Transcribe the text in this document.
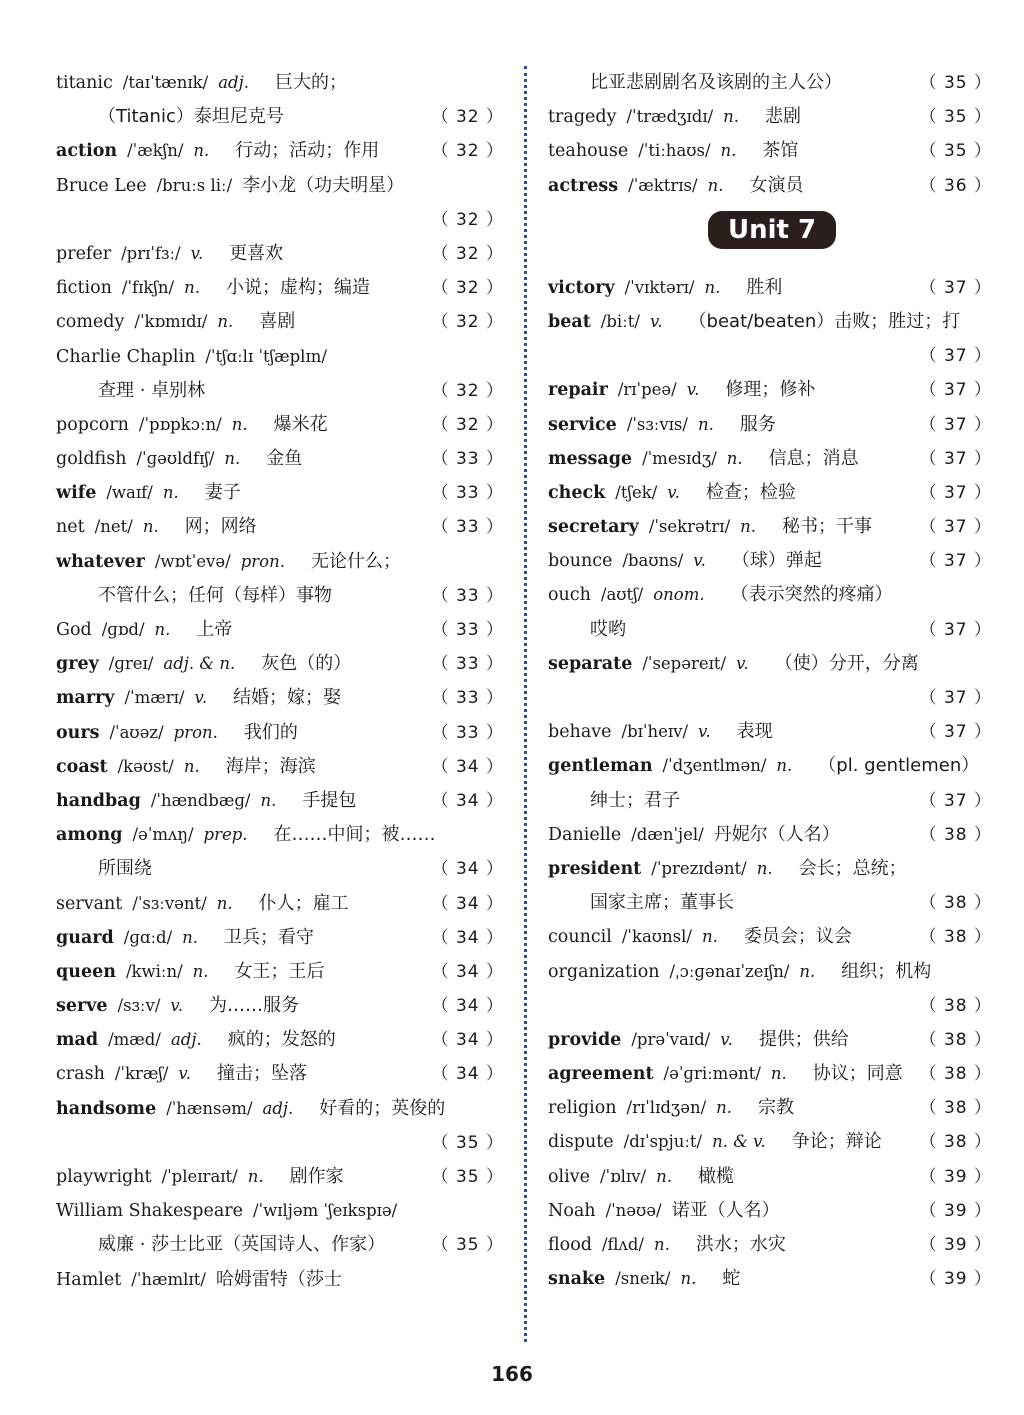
titanic /taɪˈtænɪk/ adj. 巨大的；
（Titanic）泰坦尼克号	（ 32 ）
action /ˈækʃn/ n. 行动；活动；作用	（ 32 ）
Bruce Lee /bruːs liː/ 李小龙（功夫明星）
（ 32 ）
prefer /prɪˈfɜː/ v. 更喜欢	（ 32 ）
fiction /ˈfɪkʃn/ n. 小说；虚构；编造	（ 32 ）
comedy /ˈkɒmɪdɪ/ n. 喜剧	（ 32 ）
Charlie Chaplin /ˈtʃɑːlɪ ˈtʃæplɪn/
查理 · 卓别林	（ 32 ）
popcorn /ˈpɒpkɔːn/ n. 爆米花	（ 32 ）
goldfish /ˈɡəʊldfɪʃ/ n. 金鱼	（ 33 ）
wife /waɪf/ n. 妻子	（ 33 ）
net /net/ n. 网；网络	（ 33 ）
whatever /wɒtˈevə/ pron. 无论什么；
不管什么；任何（每样）事物	（ 33 ）
God /ɡɒd/ n. 上帝	（ 33 ）
grey /ɡreɪ/ adj. & n. 灰色（的）	（ 33 ）
marry /ˈmærɪ/ v. 结婚；嫁；娶	（ 33 ）
ours /ˈaʊəz/ pron. 我们的	（ 33 ）
coast /kəʊst/ n. 海岸；海滨	（ 34 ）
handbag /ˈhændbæɡ/ n. 手提包	（ 34 ）
among /əˈmʌŋ/ prep. 在……中间；被……
所围绕	（ 34 ）
servant /ˈsɜːvənt/ n. 仆人；雇工	（ 34 ）
guard /ɡɑːd/ n. 卫兵；看守	（ 34 ）
queen /kwiːn/ n. 女王；王后	（ 34 ）
serve /sɜːv/ v. 为……服务	（ 34 ）
mad /mæd/ adj. 疯的；发怒的	（ 34 ）
crash /ˈkræʃ/ v. 撞击；坠落	（ 34 ）
handsome /ˈhænsəm/ adj. 好看的；英俊的
（ 35 ）
playwright /ˈpleɪraɪt/ n. 剧作家	（ 35 ）
William Shakespeare /ˈwɪljəm ˈʃeɪkspɪə/
威廉 · 莎士比亚（英国诗人、作家）	（ 35 ）
Hamlet /ˈhæmlɪt/ 哈姆雷特（莎士
比亚悲剧剧名及该剧的主人公）	（ 35 ）
tragedy /ˈtrædʒɪdɪ/ n. 悲剧	（ 35 ）
teahouse /ˈtiːhaʊs/ n. 茶馆	（ 35 ）
actress /ˈæktrɪs/ n. 女演员	（ 36 ）
Unit 7
victory /ˈvɪktərɪ/ n. 胜利	（ 37 ）
beat /biːt/ v. （beat/beaten）击败；胜过；打
（ 37 ）
repair /rɪˈpeə/ v. 修理；修补	（ 37 ）
service /ˈsɜːvɪs/ n. 服务	（ 37 ）
message /ˈmesɪdʒ/ n. 信息；消息	（ 37 ）
check /tʃek/ v. 检查；检验	（ 37 ）
secretary /ˈsekrətrɪ/ n. 秘书；干事	（ 37 ）
bounce /baʊns/ v. （球）弹起	（ 37 ）
ouch /aʊtʃ/ onom. （表示突然的疼痛）
哎哟	（ 37 ）
separate /ˈsepəreɪt/ v. （使）分开，分离
（ 37 ）
behave /bɪˈheɪv/ v. 表现	（ 37 ）
gentleman /ˈdʒentlmən/ n. （pl. gentlemen）
绅士；君子	（ 37 ）
Danielle /dænˈjel/ 丹妮尔（人名）	（ 38 ）
president /ˈprezɪdənt/ n. 会长；总统；
国家主席；董事长	（ 38 ）
council /ˈkaʊnsl/ n. 委员会；议会	（ 38 ）
organization /ˌɔːɡənaɪˈzeɪʃn/ n. 组织；机构
（ 38 ）
provide /prəˈvaɪd/ v. 提供；供给	（ 38 ）
agreement /əˈɡriːmənt/ n. 协议；同意 （ 38 ）
religion /rɪˈlɪdʒən/ n. 宗教	（ 38 ）
dispute /dɪˈspjuːt/ n. & v. 争论；辩论 （ 38 ）
olive /ˈɒlɪv/ n. 橄榄	（ 39 ）
Noah /ˈnəʊə/ 诺亚（人名）	（ 39 ）
flood /flʌd/ n. 洪水；水灾	（ 39 ）
snake /sneɪk/ n. 蛇	（ 39 ）
166
